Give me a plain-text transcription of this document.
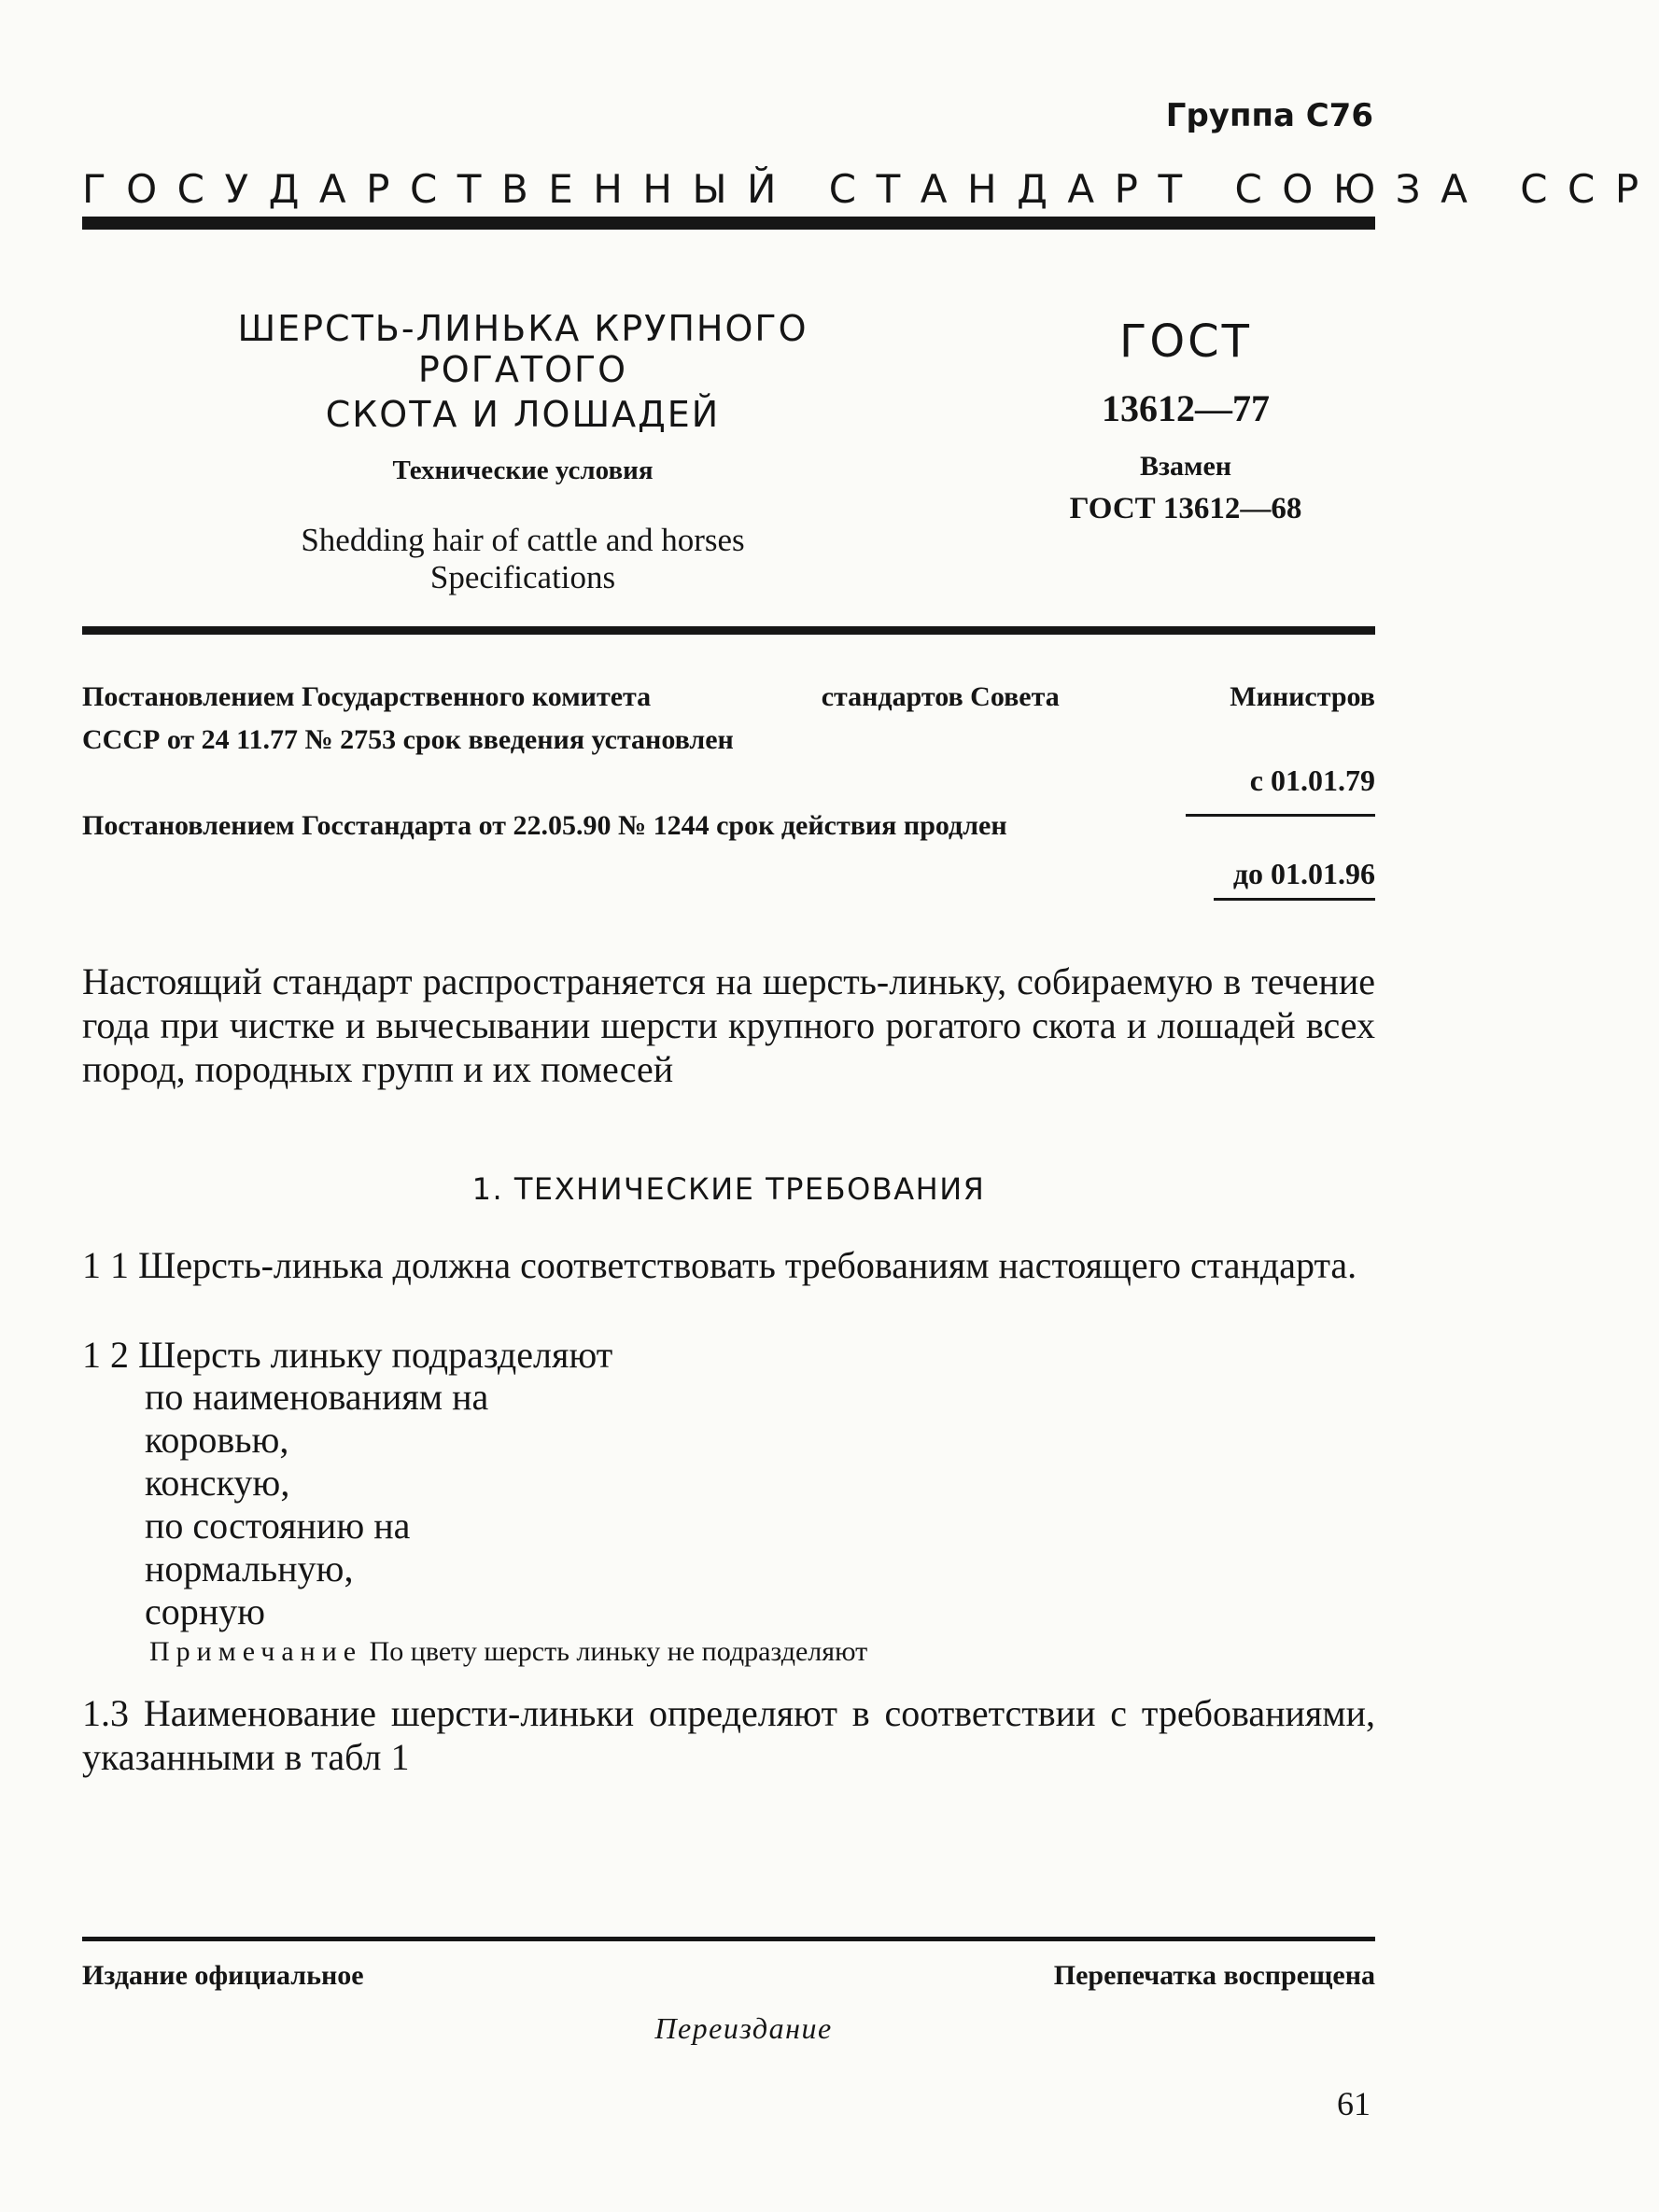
Группа С76
ГОСУДАРСТВЕННЫЙ СТАНДАРТ СОЮЗА ССР
ШЕРСТЬ-ЛИНЬКА КРУПНОГО РОГАТОГО
СКОТА И ЛОШАДЕЙ
Технические условия
Shedding hair of cattle and horses
Specifications
ГОСТ
13612—77
Взамен
ГОСТ 13612—68
Постановлением Государственного комитета	стандартов Совета	Министров
СССР от 24 11.77 № 2753 срок введения установлен
с 01.01.79
Постановлением Госстандарта от 22.05.90 № 1244 срок действия продлен
до 01.01.96
Настоящий стандарт распространяется на шерсть-линьку, собираемую в течение года при чистке и вычесывании шерсти крупного рогатого скота и лошадей всех пород, породных групп и их помесей
1. ТЕХНИЧЕСКИЕ ТРЕБОВАНИЯ
1 1 Шерсть-линька должна соответствовать требованиям настоящего стандарта.
1 2 Шерсть линьку подразделяют
по наименованиям на
коровью,
конскую,
по состоянию на
нормальную,
сорную
Примечание По цвету шерсть линьку не подразделяют
1.3 Наименование шерсти-линьки определяют в соответствии с требованиями, указанными в табл 1
Издание официальное	Перепечатка воспрещена
Переиздание
61
